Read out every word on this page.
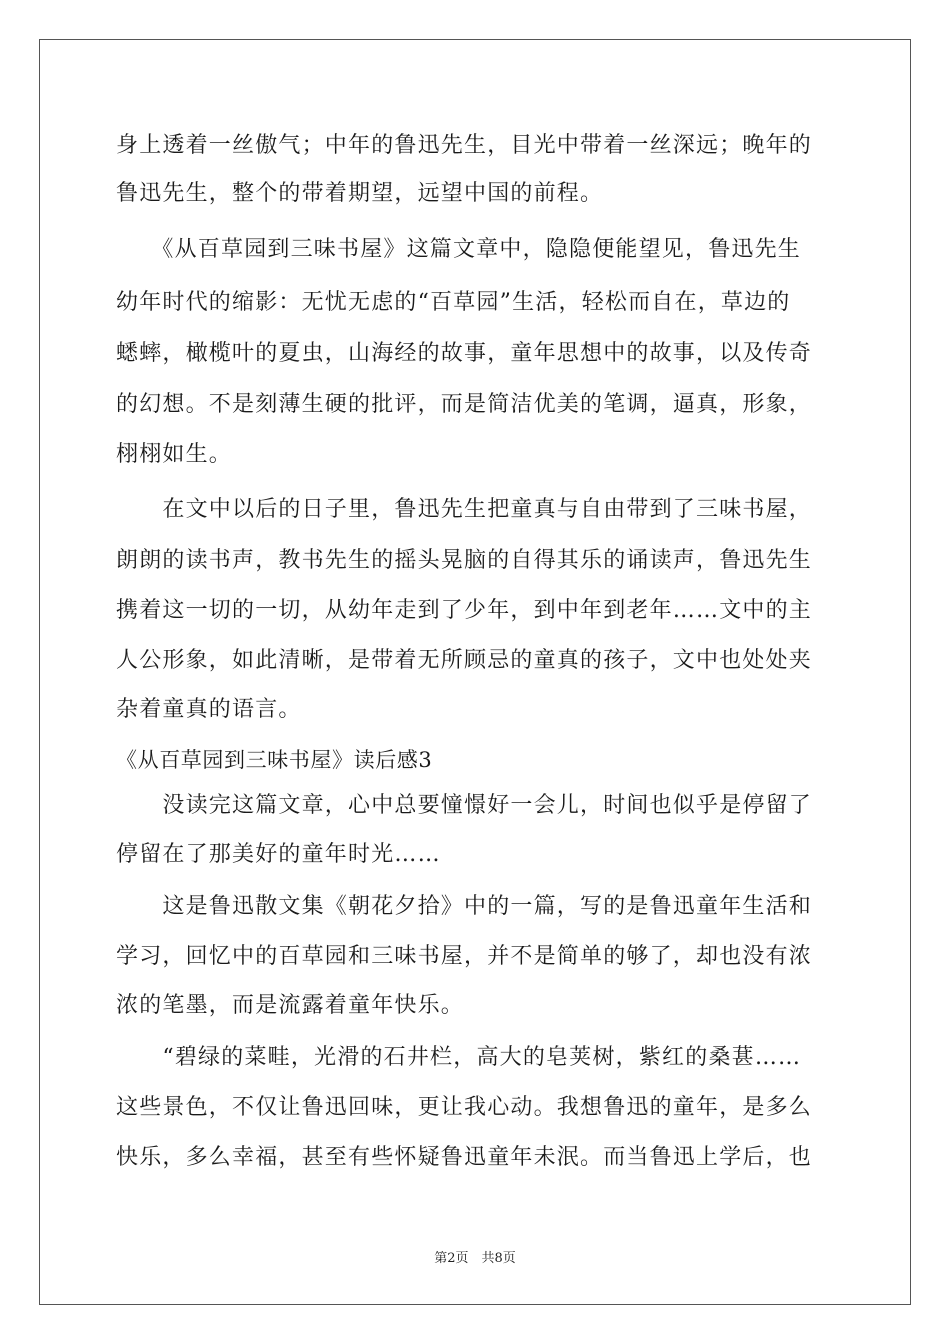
身上透着一丝傲气；中年的鲁迅先生，目光中带着一丝深远；晚年的
鲁迅先生，整个的带着期望，远望中国的前程。
　　《从百草园到三味书屋》这篇文章中，隐隐便能望见，鲁迅先生
幼年时代的缩影：无忧无虑的“百草园”生活，轻松而自在，草边的
蟋蟀，橄榄叶的夏虫，山海经的故事，童年思想中的故事，以及传奇
的幻想。不是刻薄生硬的批评，而是简洁优美的笔调，逼真，形象，
栩栩如生。
　　在文中以后的日子里，鲁迅先生把童真与自由带到了三味书屋，
朗朗的读书声，教书先生的摇头晃脑的自得其乐的诵读声，鲁迅先生
携着这一切的一切，从幼年走到了少年，到中年到老年……文中的主
人公形象，如此清晰，是带着无所顾忌的童真的孩子，文中也处处夹
杂着童真的语言。
《从百草园到三味书屋》读后感3
　　没读完这篇文章，心中总要憧憬好一会儿，时间也似乎是停留了
停留在了那美好的童年时光……
　　这是鲁迅散文集《朝花夕拾》中的一篇，写的是鲁迅童年生活和
学习，回忆中的百草园和三味书屋，并不是简单的够了，却也没有浓
浓的笔墨，而是流露着童年快乐。
　　“碧绿的菜畦，光滑的石井栏，高大的皂荚树，紫红的桑葚……
这些景色，不仅让鲁迅回味，更让我心动。我想鲁迅的童年，是多么
快乐，多么幸福，甚至有些怀疑鲁迅童年未泯。而当鲁迅上学后，也
第2页　共8页
